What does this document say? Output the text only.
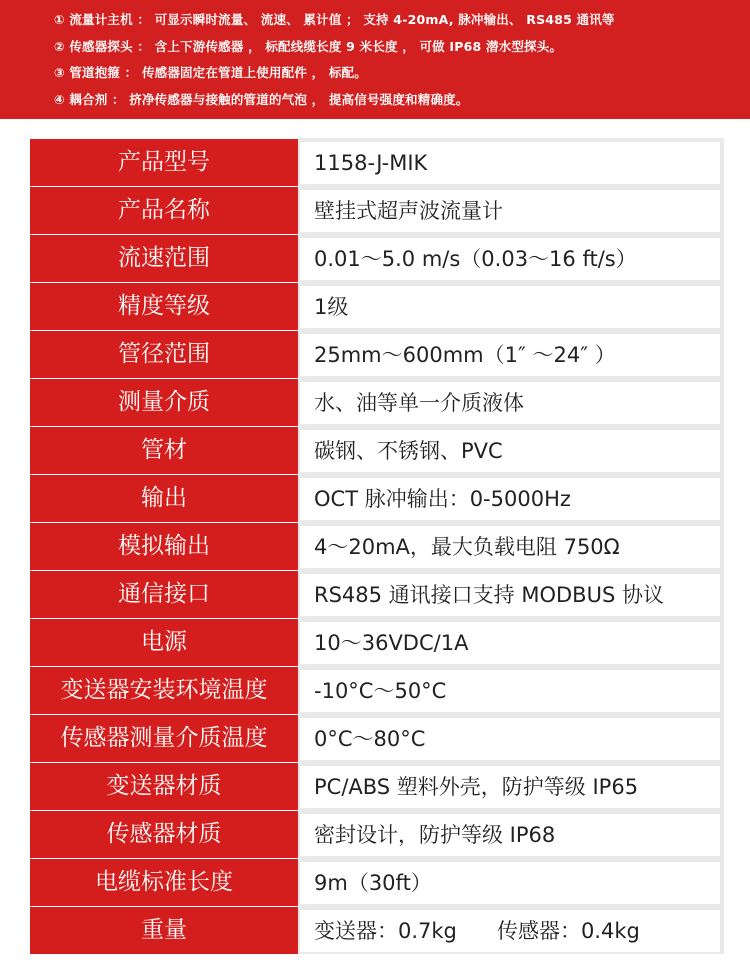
① 流量计主机 ： 可显示瞬时流量、 流速、 累计值 ； 支持 4-20mA, 脉冲输出、 RS485 通讯等
② 传感器探头 ： 含上下游传感器 ， 标配线缆长度 9 米长度 ， 可做 IP68 潜水型探头。
③ 管道抱箍 ： 传感器固定在管道上使用配件 ， 标配。
④ 耦合剂 ： 挤净传感器与接触的管道的气泡 ， 提高信号强度和精确度。
产品型号	1158-J-MIK
产品名称	壁挂式超声波流量计
流速范围	0.01～5.0 m/s（0.03～16 ft/s）
精度等级	1级
管径范围	25mm～600mm（1″ ～24″ ）
测量介质	水、油等单一介质液体
管材	碳钢、不锈钢、PVC
输出	OCT 脉冲输出：0-5000Hz
模拟输出	4～20mA，最大负载电阻 750Ω
通信接口	RS485 通讯接口支持 MODBUS 协议
电源	10～36VDC/1A
变送器安装环境温度	-10°C～50°C
传感器测量介质温度	0°C～80°C
变送器材质	PC/ABS 塑料外壳，防护等级 IP65
传感器材质	密封设计，防护等级 IP68
电缆标准长度	9m（30ft）
重量	变送器：0.7kg      传感器：0.4kg
